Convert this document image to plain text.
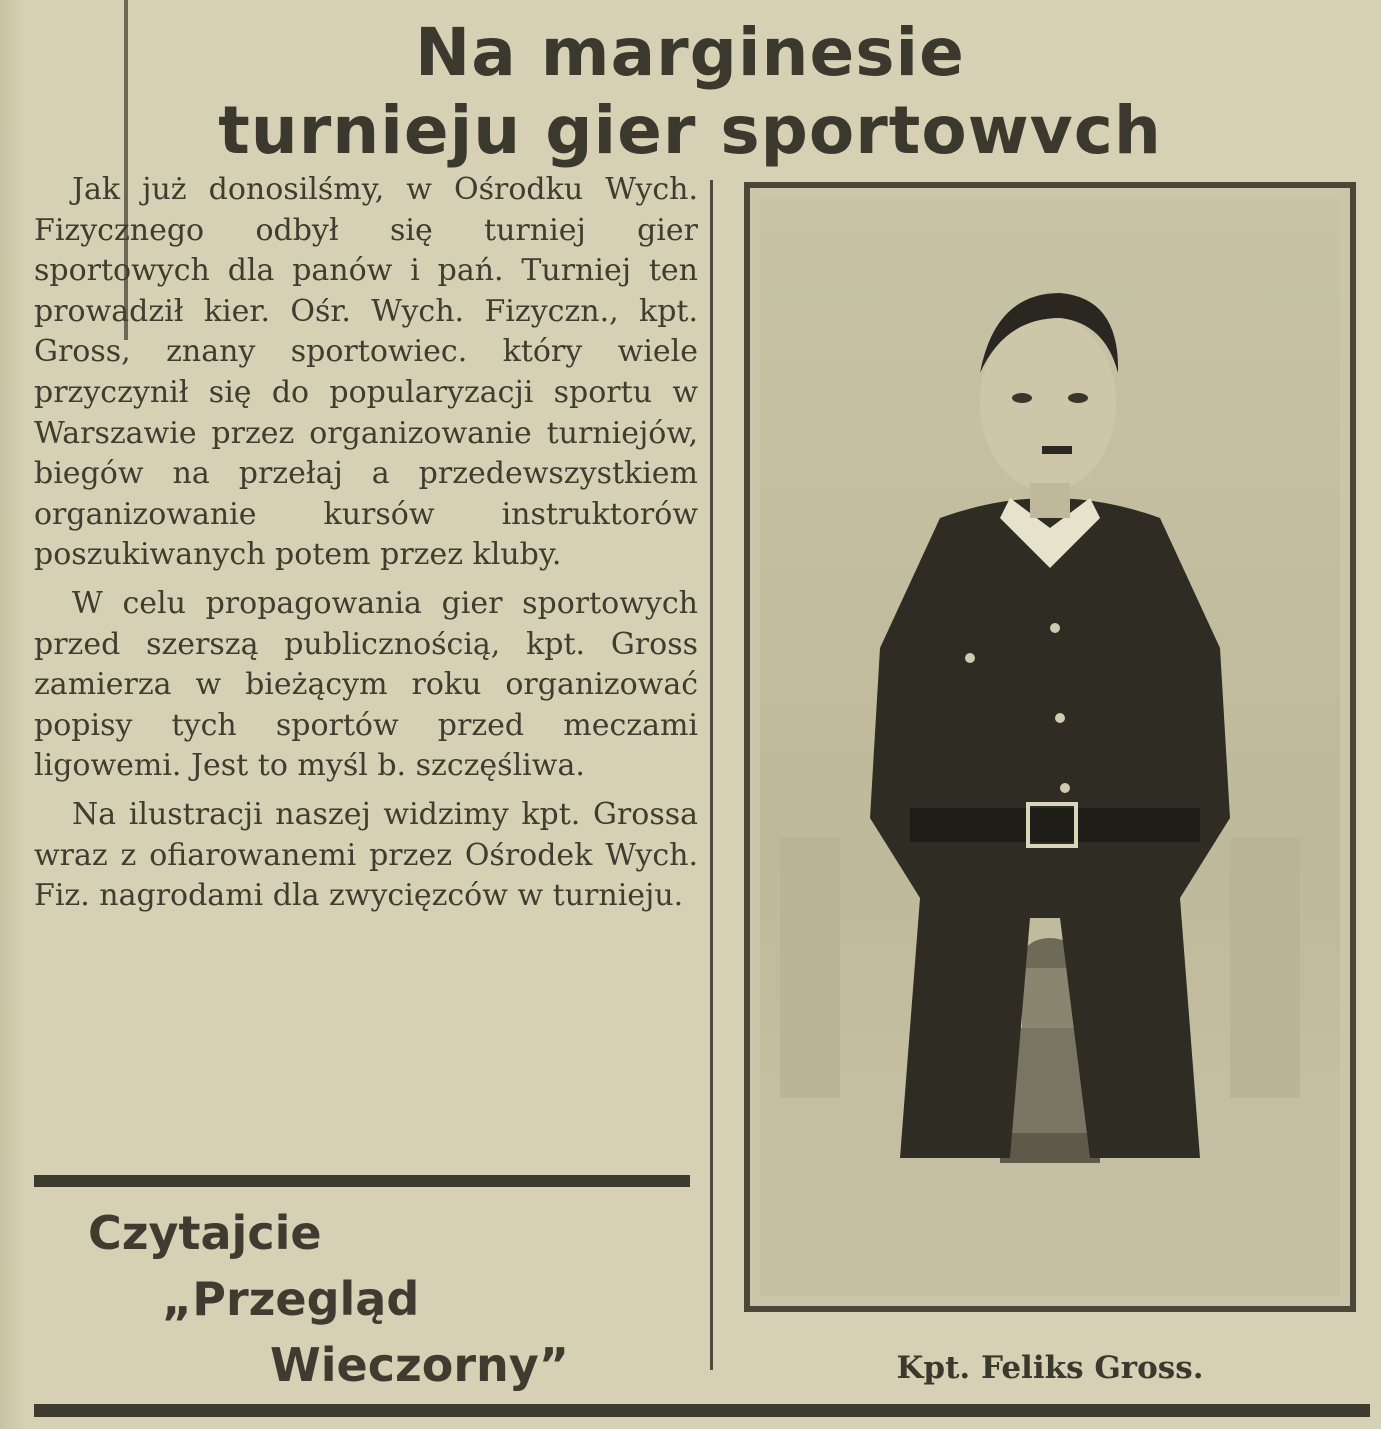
Na marginesie
turnieju gier sportowvch

Jak już donosilśmy, w Ośrodku Wych. Fizycznego odbył się turniej gier sportowych dla panów i pań. Turniej ten prowadził kier. Ośr. Wych. Fizyczn., kpt. Gross, znany sportowiec. który wiele przyczynił się do popularyzacji sportu w Warszawie przez organizowanie turniejów, biegów na przełaj a przedewszystkiem organizowanie kursów instruktorów poszukiwanych potem przez kluby.

W celu propagowania gier sportowych przed szerszą publicznością, kpt. Gross zamierza w bieżącym roku organizować popisy tych sportów przed meczami ligowemi. Jest to myśl b. szczęśliwa.

Na ilustracji naszej widzimy kpt. Grossa wraz z ofiarowanemi przez Ośrodek Wych. Fiz. nagrodami dla zwycięzców w turnieju.

Czytajcie
„Przegląd
Wieczorny”	Kpt. Feliks Gross.
